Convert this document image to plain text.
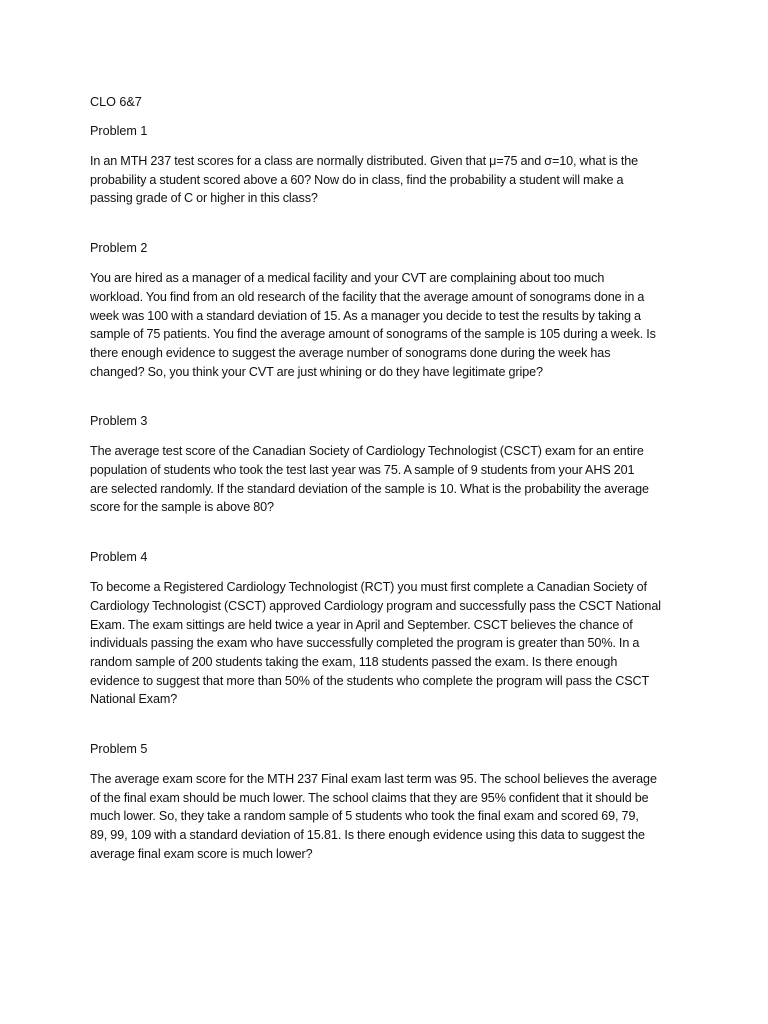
CLO 6&7

Problem 1

In an MTH 237 test scores for a class are normally distributed. Given that μ=75 and σ=10, what is the
probability a student scored above a 60? Now do in class, find the probability a student will make a
passing grade of C or higher in this class?

Problem 2

You are hired as a manager of a medical facility and your CVT are complaining about too much
workload. You find from an old research of the facility that the average amount of sonograms done in a
week was 100 with a standard deviation of 15. As a manager you decide to test the results by taking a
sample of 75 patients. You find the average amount of sonograms of the sample is 105 during a week. Is
there enough evidence to suggest the average number of sonograms done during the week has
changed? So, you think your CVT are just whining or do they have legitimate gripe?

Problem 3

The average test score of the Canadian Society of Cardiology Technologist (CSCT) exam for an entire
population of students who took the test last year was 75. A sample of 9 students from your AHS 201
are selected randomly. If the standard deviation of the sample is 10. What is the probability the average
score for the sample is above 80?

Problem 4

To become a Registered Cardiology Technologist (RCT) you must first complete a Canadian Society of
Cardiology Technologist (CSCT) approved Cardiology program and successfully pass the CSCT National
Exam. The exam sittings are held twice a year in April and September. CSCT believes the chance of
individuals passing the exam who have successfully completed the program is greater than 50%. In a
random sample of 200 students taking the exam, 118 students passed the exam. Is there enough
evidence to suggest that more than 50% of the students who complete the program will pass the CSCT
National Exam?

Problem 5

The average exam score for the MTH 237 Final exam last term was 95. The school believes the average
of the final exam should be much lower. The school claims that they are 95% confident that it should be
much lower. So, they take a random sample of 5 students who took the final exam and scored 69, 79,
89, 99, 109 with a standard deviation of 15.81. Is there enough evidence using this data to suggest the
average final exam score is much lower?
